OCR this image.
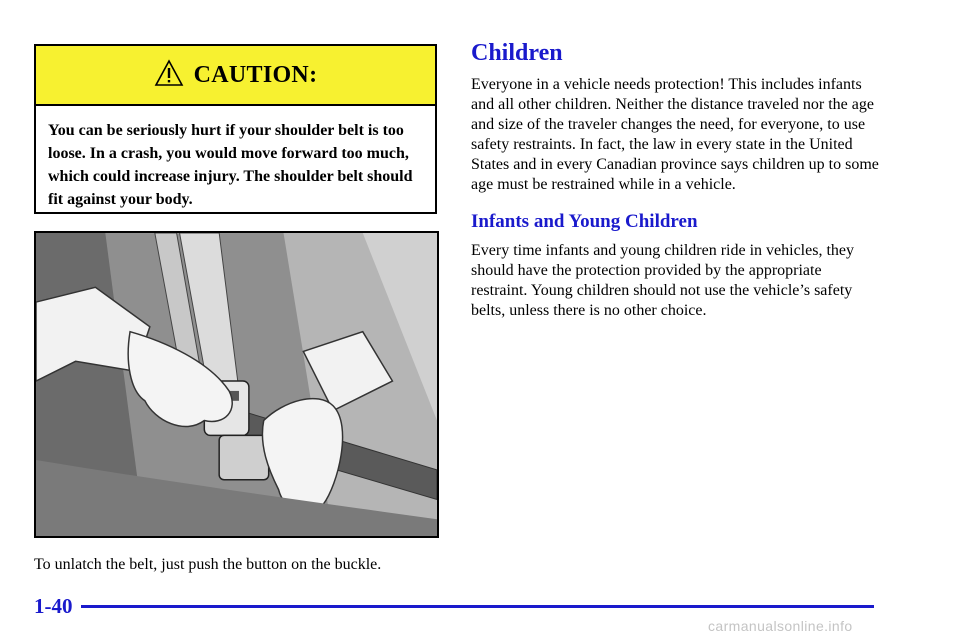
CAUTION:
You can be seriously hurt if your shoulder belt is too loose. In a crash, you would move forward too much, which could increase injury. The shoulder belt should fit against your body.
To unlatch the belt, just push the button on the buckle.
Children

Everyone in a vehicle needs protection! This includes infants and all other children. Neither the distance traveled nor the age and size of the traveler changes the need, for everyone, to use safety restraints. In fact, the law in every state in the United States and in every Canadian province says children up to some age must be restrained while in a vehicle.

Infants and Young Children

Every time infants and young children ride in vehicles, they should have the protection provided by the appropriate restraint. Young children should not use the vehicle’s safety belts, unless there is no other choice.

1-40
carmanualsonline.info
